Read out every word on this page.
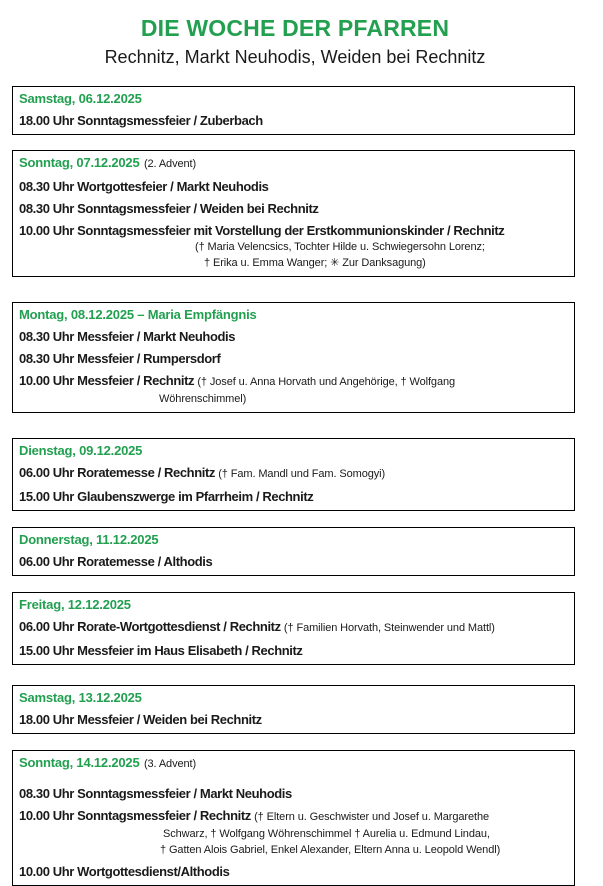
DIE WOCHE DER PFARREN
Rechnitz, Markt Neuhodis, Weiden bei Rechnitz
Samstag, 06.12.2025
18.00 Uhr Sonntagsmessfeier / Zuberbach
Sonntag, 07.12.2025 (2. Advent)
08.30 Uhr Wortgottesfeier / Markt Neuhodis
08.30 Uhr Sonntagsmessfeier / Weiden bei Rechnitz
10.00 Uhr Sonntagsmessfeier mit Vorstellung der Erstkommunionskinder / Rechnitz
(† Maria Velencsics, Tochter Hilde u. Schwiegersohn Lorenz;
† Erika u. Emma Wanger; ✳ Zur Danksagung)
Montag, 08.12.2025 – Maria Empfängnis
08.30 Uhr Messfeier / Markt Neuhodis
08.30 Uhr Messfeier / Rumpersdorf
10.00 Uhr Messfeier / Rechnitz († Josef u. Anna Horvath und Angehörige, † Wolfgang
Wöhrenschimmel)
Dienstag, 09.12.2025
06.00 Uhr Roratemesse / Rechnitz († Fam. Mandl und Fam. Somogyi)
15.00 Uhr Glaubenszwerge im Pfarrheim / Rechnitz
Donnerstag, 11.12.2025
06.00 Uhr Roratemesse / Althodis
Freitag, 12.12.2025
06.00 Uhr Rorate-Wortgottesdienst / Rechnitz († Familien Horvath, Steinwender und Mattl)
15.00 Uhr Messfeier im Haus Elisabeth / Rechnitz
Samstag, 13.12.2025
18.00 Uhr Messfeier / Weiden bei Rechnitz
Sonntag, 14.12.2025 (3. Advent)
08.30 Uhr Sonntagsmessfeier / Markt Neuhodis
10.00 Uhr Sonntagsmessfeier / Rechnitz († Eltern u. Geschwister und Josef u. Margarethe
Schwarz, † Wolfgang Wöhrenschimmel † Aurelia u. Edmund Lindau,
† Gatten Alois Gabriel, Enkel Alexander, Eltern Anna u. Leopold Wendl)
10.00 Uhr Wortgottesdienst/Althodis
